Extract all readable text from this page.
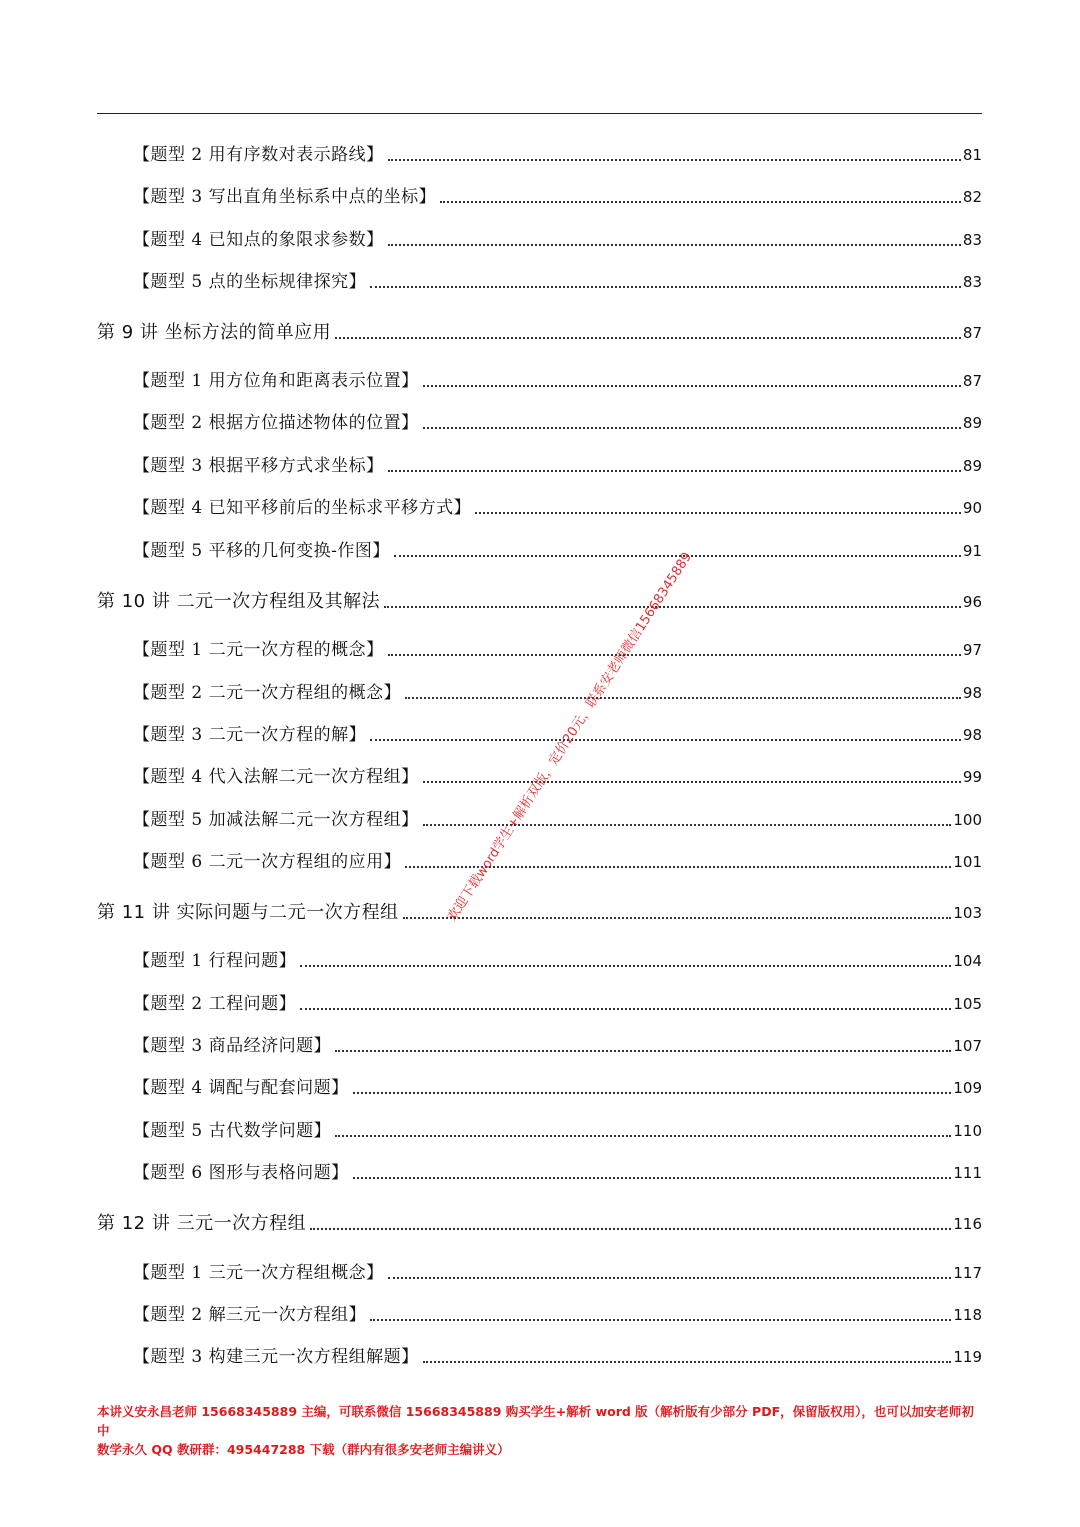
【题型 2 用有序数对表示路线】	81
【题型 3 写出直角坐标系中点的坐标】	82
【题型 4 已知点的象限求参数】	83
【题型 5 点的坐标规律探究】	83
第 9 讲 坐标方法的简单应用	87
【题型 1 用方位角和距离表示位置】	87
【题型 2 根据方位描述物体的位置】	89
【题型 3 根据平移方式求坐标】	89
【题型 4 已知平移前后的坐标求平移方式】	90
【题型 5 平移的几何变换-作图】	91
第 10 讲 二元一次方程组及其解法	96
【题型 1 二元一次方程的概念】	97
【题型 2 二元一次方程组的概念】	98
【题型 3 二元一次方程的解】	98
【题型 4 代入法解二元一次方程组】	99
【题型 5 加减法解二元一次方程组】	100
【题型 6 二元一次方程组的应用】	101
第 11 讲 实际问题与二元一次方程组	103
【题型 1 行程问题】	104
【题型 2 工程问题】	105
【题型 3 商品经济问题】	107
【题型 4 调配与配套问题】	109
【题型 5 古代数学问题】	110
【题型 6 图形与表格问题】	111
第 12 讲 三元一次方程组	116
【题型 1 三元一次方程组概念】	117
【题型 2 解三元一次方程组】	118
【题型 3 构建三元一次方程组解题】	119
欢迎下载word学生+解析双版，定价20元，联系安老师微信15668345889
本讲义安永昌老师 15668345889 主编，可联系微信 15668345889 购买学生+解析 word 版（解析版有少部分 PDF，保留版权用），也可以加安老师初中
数学永久 QQ 教研群：495447288 下载（群内有很多安老师主编讲义）
